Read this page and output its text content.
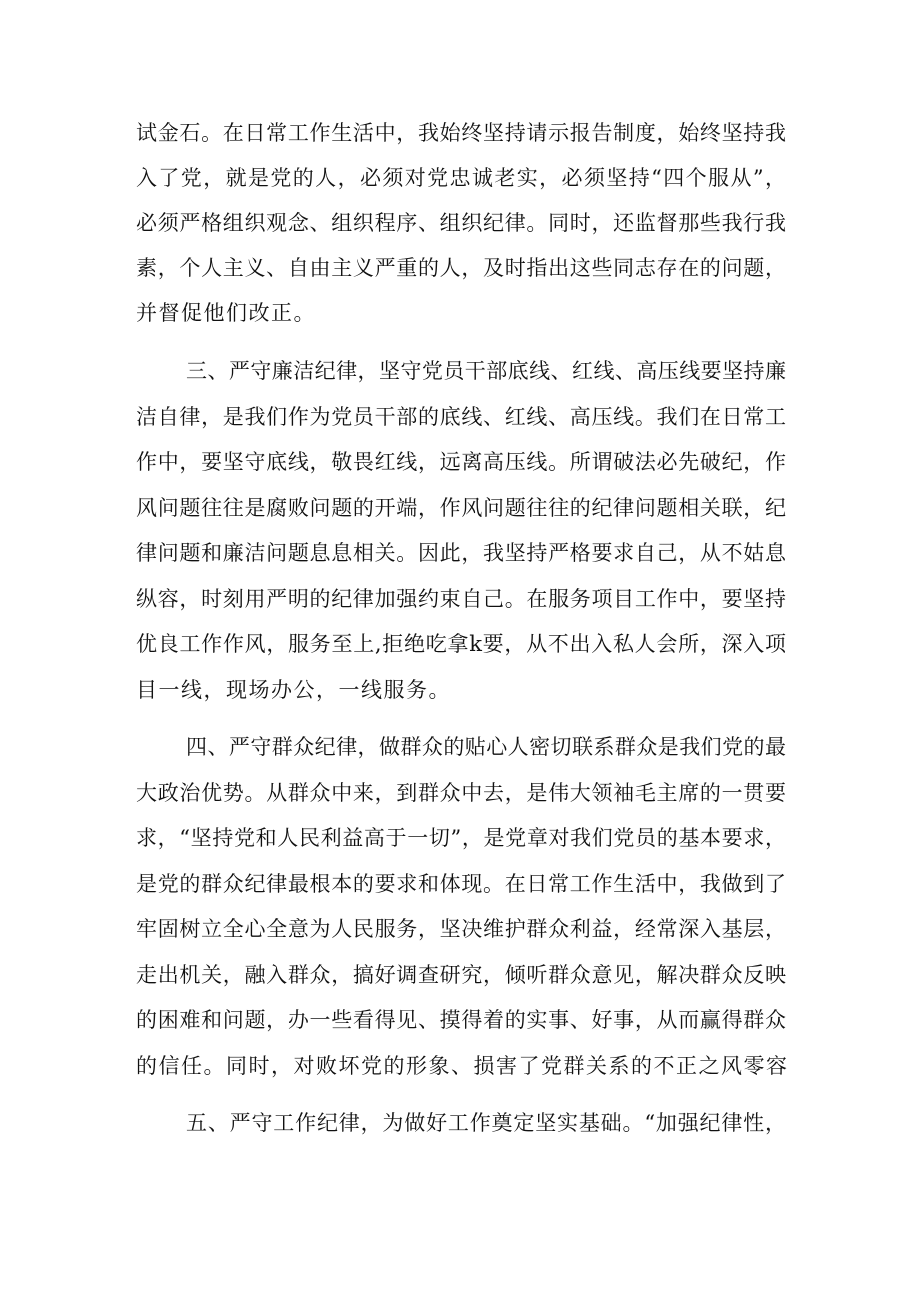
试金石。在日常工作生活中，我始终坚持请示报告制度，始终坚持我
入了党，就是党的人，必须对党忠诚老实，必须坚持“四个服从”，
必须严格组织观念、组织程序、组织纪律。同时，还监督那些我行我
素，个人主义、自由主义严重的人，及时指出这些同志存在的问题，
并督促他们改正。
三、严守廉洁纪律，坚守党员干部底线、红线、高压线要坚持廉
洁自律，是我们作为党员干部的底线、红线、高压线。我们在日常工
作中，要坚守底线，敬畏红线，远离高压线。所谓破法必先破纪，作
风问题往往是腐败问题的开端，作风问题往往的纪律问题相关联，纪
律问题和廉洁问题息息相关。因此，我坚持严格要求自己，从不姑息
纵容，时刻用严明的纪律加强约束自己。在服务项目工作中，要坚持
优良工作作风，服务至上,拒绝吃拿k要，从不出入私人会所，深入项
目一线，现场办公，一线服务。
四、严守群众纪律，做群众的贴心人密切联系群众是我们党的最
大政治优势。从群众中来，到群众中去，是伟大领袖毛主席的一贯要
求，“坚持党和人民利益高于一切”，是党章对我们党员的基本要求，
是党的群众纪律最根本的要求和体现。在日常工作生活中，我做到了
牢固树立全心全意为人民服务，坚决维护群众利益，经常深入基层，
走出机关，融入群众，搞好调查研究，倾听群众意见，解决群众反映
的困难和问题，办一些看得见、摸得着的实事、好事，从而赢得群众
的信任。同时，对败坏党的形象、损害了党群关系的不正之风零容
五、严守工作纪律，为做好工作奠定坚实基础。“加强纪律性，
